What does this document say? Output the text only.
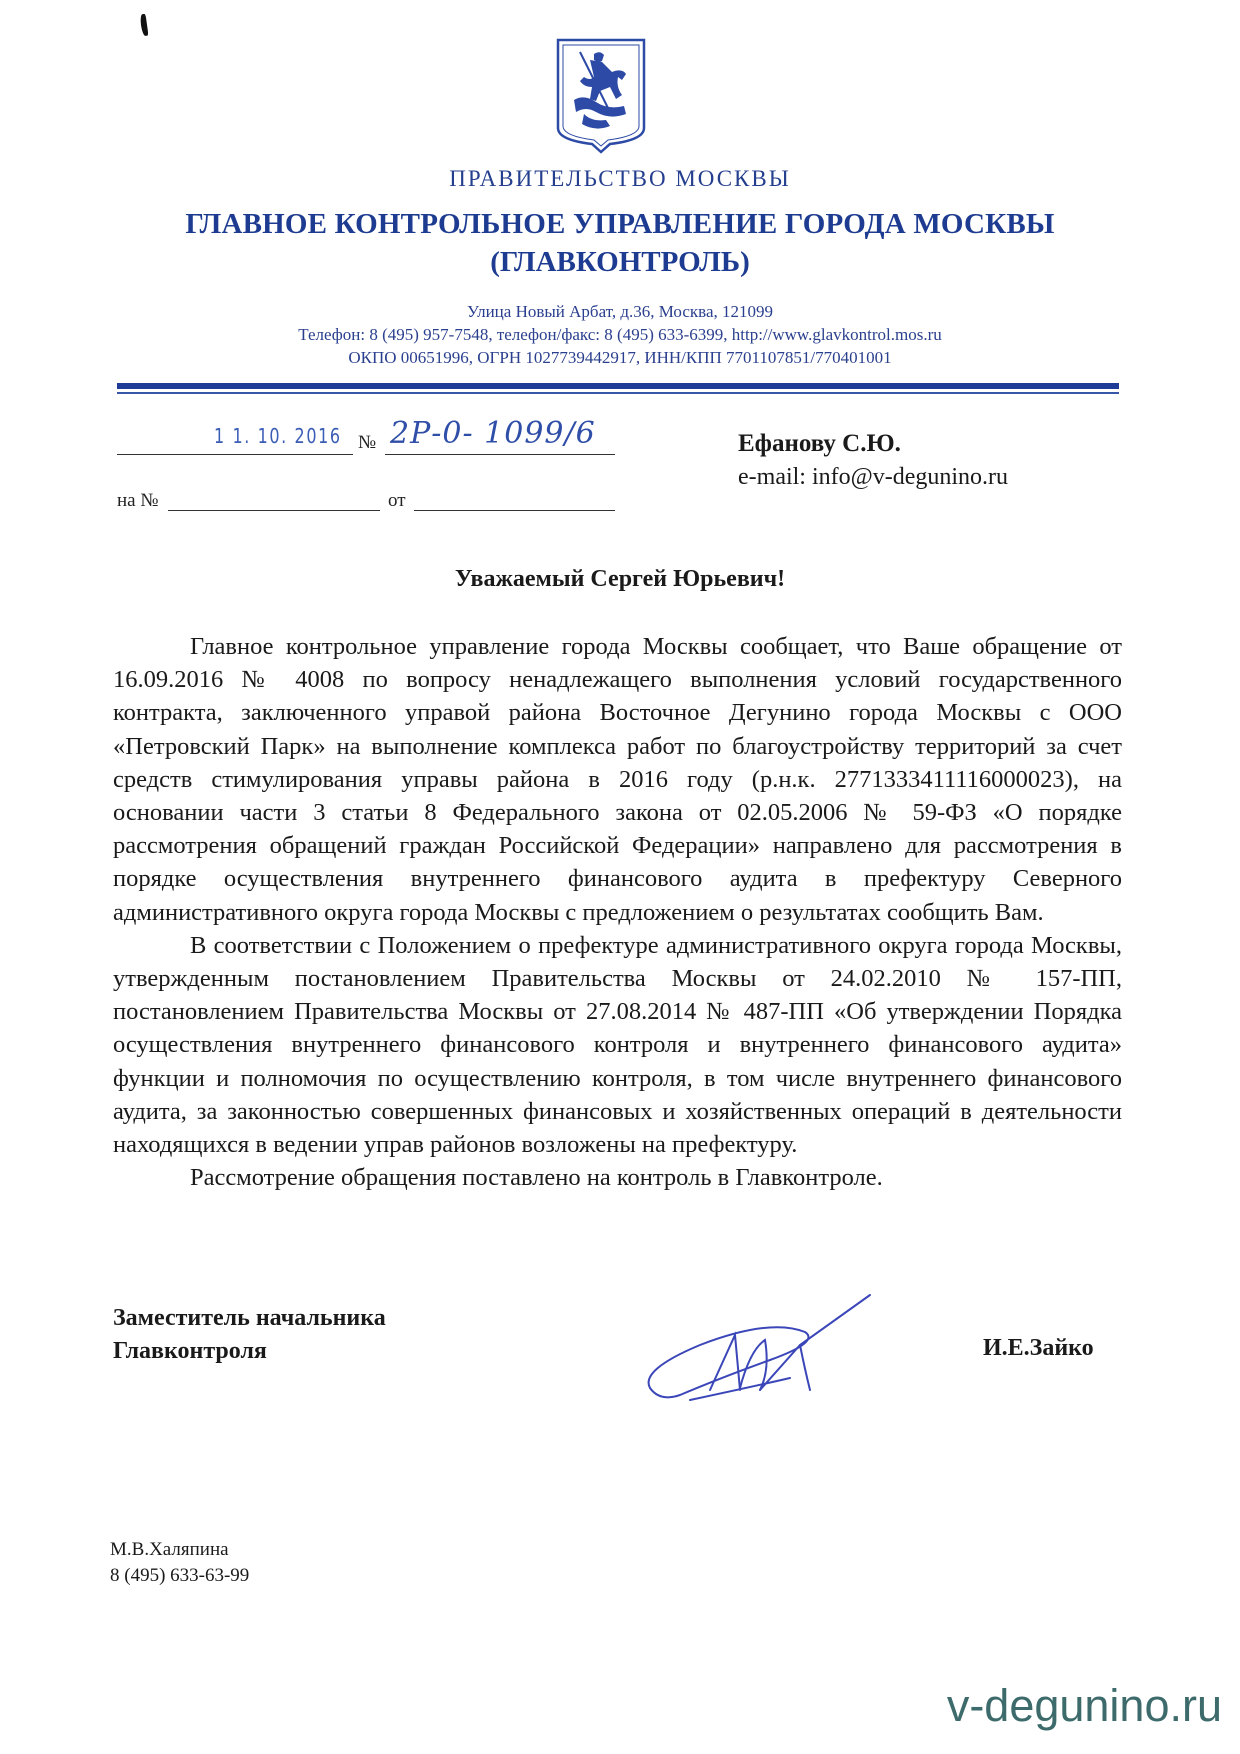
ПРАВИТЕЛЬСТВО МОСКВЫ
ГЛАВНОЕ КОНТРОЛЬНОЕ УПРАВЛЕНИЕ ГОРОДА МОСКВЫ
(ГЛАВКОНТРОЛЬ)
Улица Новый Арбат, д.36, Москва, 121099
Телефон: 8 (495) 957-7548, телефон/факс: 8 (495) 633-6399, http://www.glavkontrol.mos.ru
ОКПО 00651996, ОГРН 1027739442917, ИНН/КПП 7701107851/770401001
1 1. 10. 2016 № 2Р-0- 1099/6
на №	от
Ефанову С.Ю.
e-mail: info@v-degunino.ru
Уважаемый Сергей Юрьевич!

Главное контрольное управление города Москвы сообщает, что Ваше обращение от 16.09.2016 № 4008 по вопросу ненадлежащего выполнения условий государственного контракта, заключенного управой района Восточное Дегунино города Москвы с ООО «Петровский Парк» на выполнение комплекса работ по благоустройству территорий за счет средств стимулирования управы района в 2016 году (р.н.к. 2771333411116000023), на основании части 3 статьи 8 Федерального закона от 02.05.2006 № 59-ФЗ «О порядке рассмотрения обращений граждан Российской Федерации» направлено для рассмотрения в порядке осуществления внутреннего финансового аудита в префектуру Северного административного округа города Москвы с предложением о результатах сообщить Вам.

В соответствии с Положением о префектуре административного округа города Москвы, утвержденным постановлением Правительства Москвы от 24.02.2010 № 157-ПП, постановлением Правительства Москвы от 27.08.2014 № 487-ПП «Об утверждении Порядка осуществления внутреннего финансового контроля и внутреннего финансового аудита» функции и полномочия по осуществлению контроля, в том числе внутреннего финансового аудита, за законностью совершенных финансовых и хозяйственных операций в деятельности находящихся в ведении управ районов возложены на префектуру.

Рассмотрение обращения поставлено на контроль в Главконтроле.

Заместитель начальника
Главконтроля	И.Е.Зайко
М.В.Халяпина
8 (495) 633-63-99
v-degunino.ru
